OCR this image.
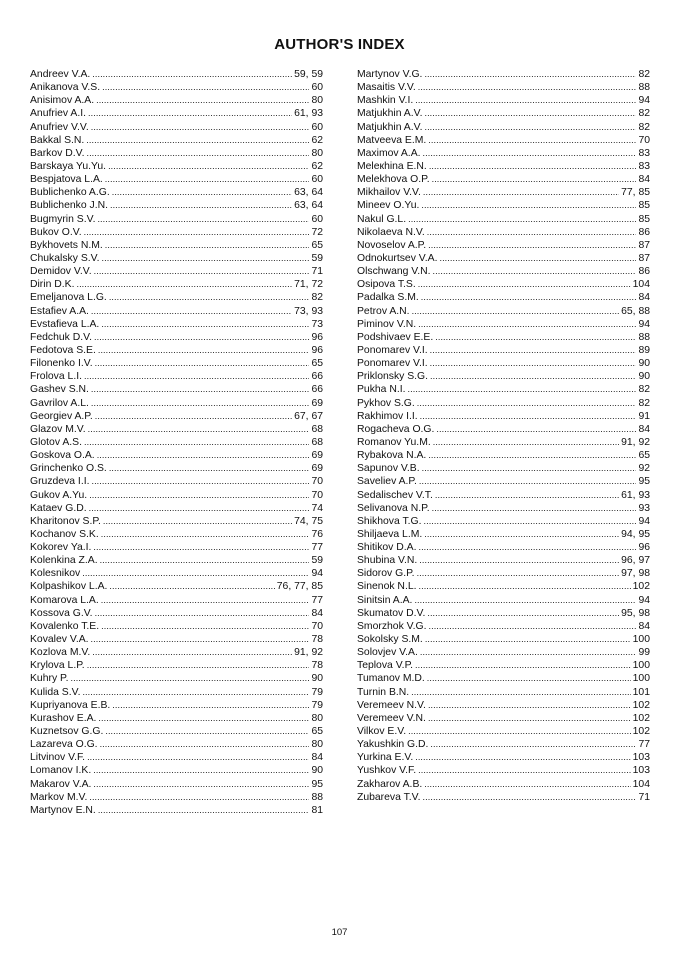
AUTHOR'S INDEX
Andreev V.A. . . .	59, 59
Anikanova V.S. . . .	60
Anisimov A.A. . . .	80
Anufriev A.I. . . .	61, 93
Anufriev V.V. . . .	60
Bakkal S.N. . . .	62
Barkov D.V. . . .	80
Barskaya Yu.Yu. . . .	62
Bespjatova L.A. . . .	60
Bublichenko A.G. . . .	63, 64
Bublichenko J.N. . . .	63, 64
Bugmyrin S.V. . . .	60
Bukov O.V. . . .	72
Bykhovets N.M. . . .	65
Chukalsky S.V. . . .	59
Demidov V.V. . . .	71
Dirin D.K. . . .	71, 72
Emeljanova L.G. . . .	82
Estafiev A.A. . . .	73, 93
Evstafieva L.A. . . .	73
Fedchuk D.V. . . .	96
Fedotova S.E. . . .	96
Filonenko I.V. . . .	65
Frolova L.I. . . .	66
Gashev S.N. . . .	66
Gavrilov A.L. . . .	69
Georgiev A.P. . . .	67, 67
Glazov M.V. . . .	68
Glotov A.S. . . .	68
Goskova O.A. . . .	69
Grinchenko O.S. . . .	69
Gruzdeva I.I. . . .	70
Gukov A.Yu. . . .	70
Kataev G.D. . . .	74
Kharitonov S.P. . . .	74, 75
Kochanov S.K. . . .	76
Kokorev Ya.I. . . .	77
Kolenkina Z.A. . . .	59
Kolesnikov . . .	94
Kolpashikov L.A. . . .	76, 77, 85
Komarova L.A. . . .	77
Kossova G.V. . . .	84
Kovalenko T.E. . . .	70
Kovalev V.A. . . .	78
Kozlova M.V. . . .	91, 92
Krylova L.P. . . .	78
Kuhry P. . . .	90
Kulida S.V. . . .	79
Kupriyanova E.B. . . .	79
Kurashov E.A. . . .	80
Kuznetsov G.G. . . .	65
Lazareva O.G. . . .	80
Litvinov V.F. . . .	84
Lomanov I.K. . . .	90
Makarov V.A. . . .	95
Markov M.V. . . .	88
Martynov E.N. . . .	81
Martynov V.G. . . .	82
Masaitis V.V. . . .	88
Mashkin V.I. . . .	94
Matjukhin A.V. . . .	82
Matjukhin A.V. . . .	82
Matveeva E.M. . . .	70
Maximov A.A. . . .	83
Meleкhina E.N. . . .	83
Melekhova O.P. . . .	84
Mikhailov V.V. . . .	77, 85
Mineev O.Yu. . . .	85
Nakul G.L. . . .	85
Nikolaeva N.V. . . .	86
Novoselov A.P. . . .	87
Odnokurtsev V.A. . . .	87
Olschwang V.N. . . .	86
Osipova T.S. . . .	104
Padalka S.M. . . .	84
Petrov A.N. . . .	65, 88
Piminov V.N. . . .	94
Podshivaev E.E. . . .	88
Ponomarev V.I. . . .	89
Ponomarev V.I. . . .	90
Priklonsky S.G. . . .	90
Pukha N.I. . . .	82
Pykhov S.G. . . .	82
Rakhimov I.I. . . .	91
Rogacheva O.G. . . .	84
Romanov Yu.M. . . .	91, 92
Rybakova N.A. . . .	65
Sapunov V.B. . . .	92
Saveliev A.P. . . .	95
Sedalischev V.T. . . .	61, 93
Selivanova N.P. . . .	93
Shikhova T.G. . . .	94
Shiljaeva L.M. . . .	94, 95
Shitikov D.A. . . .	96
Shubina V.N. . . .	96, 97
Sidorov G.P. . . .	97, 98
Sinenok N.L. . . .	102
Sinitsin A.A. . . .	94
Skumatov D.V. . . .	95, 98
Smorzhok V.G. . . .	84
Sokolsky S.M. . . .	100
Solovjev V.A. . . .	99
Teplova V.P. . . .	100
Tumanov M.D. . . .	100
Turnin B.N. . . .	101
Veremeev N.V. . . .	102
Veremeev V.N. . . .	102
Vilkov E.V. . . .	102
Yakushkin G.D. . . .	77
Yurkina E.V. . . .	103
Yushkov V.F. . . .	103
Zakharov A.B. . . .	104
Zubareva T.V. . . .	71
107
